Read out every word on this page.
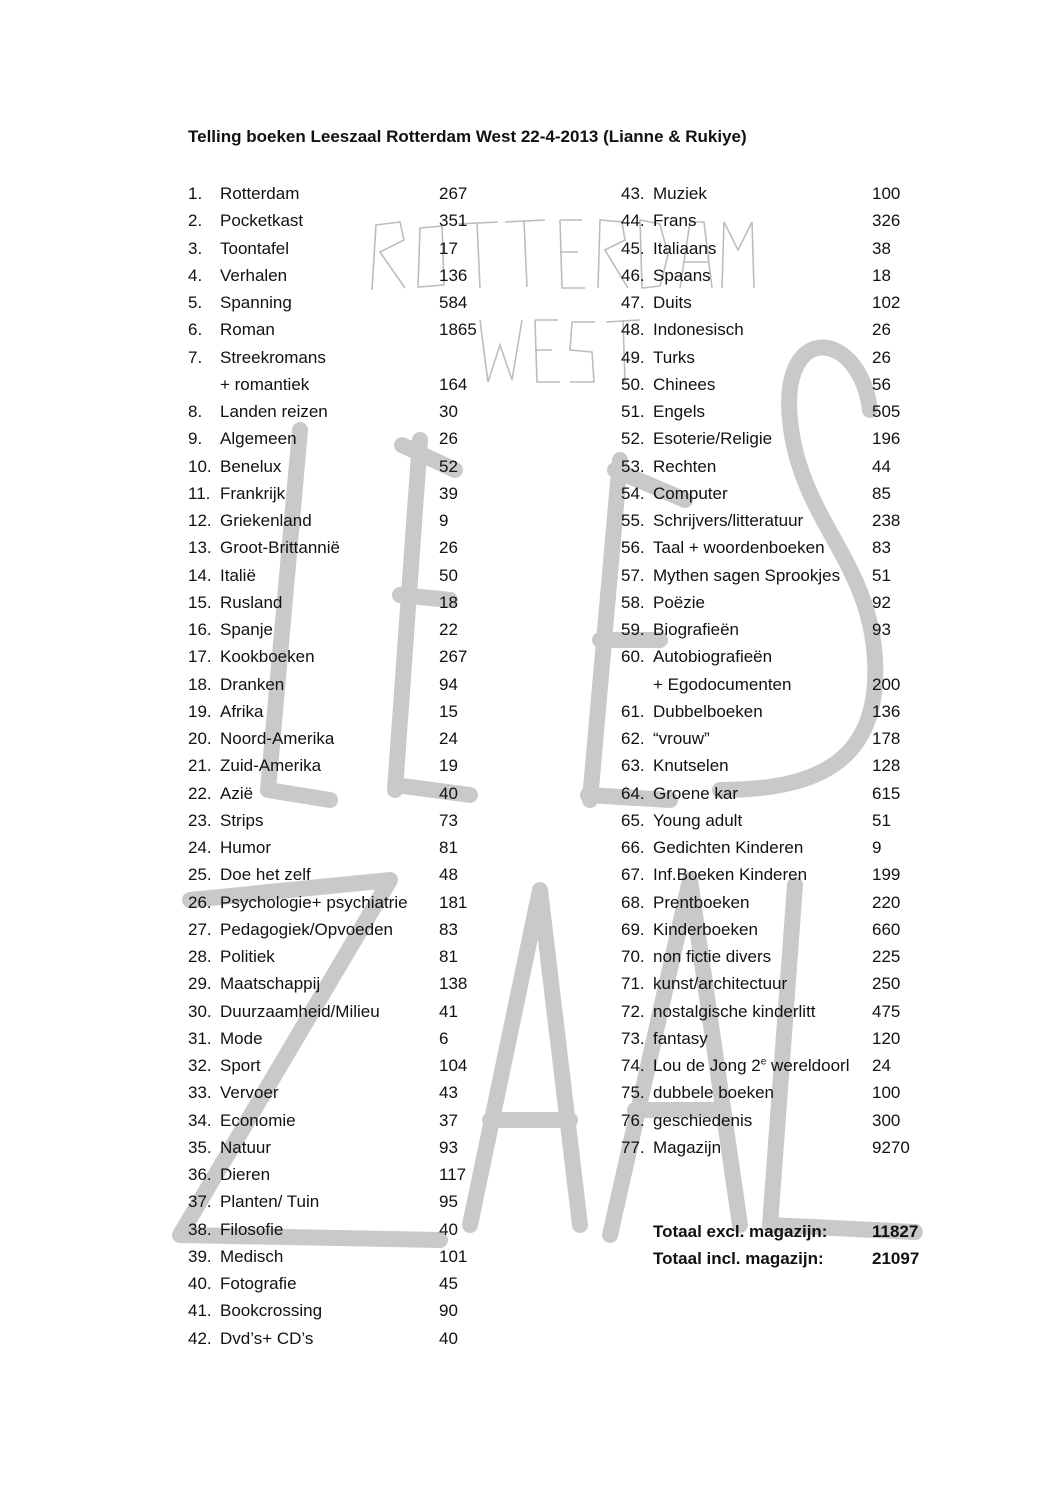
Telling boeken Leeszaal Rotterdam West 22-4-2013 (Lianne & Rukiye)
1. Rotterdam	267
2. Pocketkast	351
3. Toontafel	17
4. Verhalen	136
5. Spanning	584
6. Roman	1865
7. Streekromans
+ romantiek	164
8. Landen reizen	30
9. Algemeen	26
10. Benelux	52
11. Frankrijk	39
12. Griekenland	9
13. Groot-Brittannië	26
14. Italië	50
15. Rusland	18
16. Spanje	22
17. Kookboeken	267
18. Dranken	94
19. Afrika	15
20. Noord-Amerika	24
21. Zuid-Amerika	19
22. Azië	40
23. Strips	73
24. Humor	81
25. Doe het zelf	48
26. Psychologie+ psychiatrie 181
27. Pedagogiek/Opvoeden	83
28. Politiek	81
29. Maatschappij	138
30. Duurzaamheid/Milieu	41
31. Mode	6
32. Sport	104
33. Vervoer	43
34. Economie	37
35. Natuur	93
36. Dieren	117
37. Planten/ Tuin	95
38. Filosofie	40
39. Medisch	101
40. Fotografie	45
41. Bookcrossing	90
42. Dvd’s+ CD’s	40
43. Muziek	100
44. Frans	326
45. Italiaans	38
46. Spaans	18
47. Duits	102
48. Indonesisch	26
49. Turks	26
50. Chinees	56
51. Engels	505
52. Esoterie/Religie	196
53. Rechten	44
54. Computer	85
55. Schrijvers/litteratuur	238
56. Taal + woordenboeken	83
57. Mythen sagen Sprookjes 51
58. Poëzie	92
59. Biografieën	93
60. Autobiografieën
+ Egodocumenten	200
61. Dubbelboeken	136
62. “vrouw”	178
63. Knutselen	128
64. Groene kar	615
65. Young adult	51
66. Gedichten Kinderen	9
67. Inf.Boeken Kinderen	199
68. Prentboeken	220
69. Kinderboeken	660
70. non fictie divers	225
71. kunst/architectuur	250
72. nostalgische kinderlitt	475
73. fantasy	120
74. Lou de Jong 2e wereldoorl 24
75. dubbele boeken	100
76. geschiedenis	300
77. Magazijn	9270
Totaal excl. magazijn:	11827
Totaal incl. magazijn:	21097
